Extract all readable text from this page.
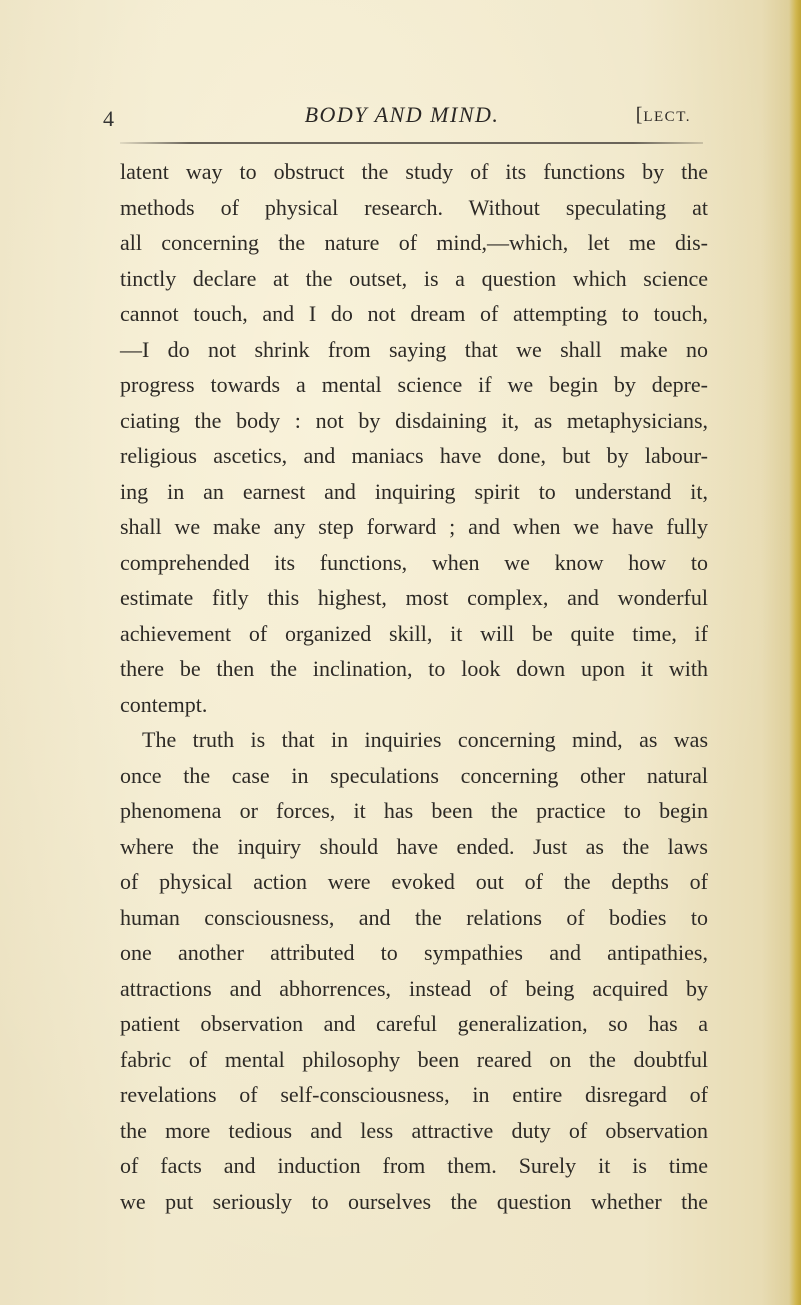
4	BODY AND MIND.	[LECT.
latent way to obstruct the study of its functions by the
methods of physical research. Without speculating at
all concerning the nature of mind,—which, let me dis-
tinctly declare at the outset, is a question which science
cannot touch, and I do not dream of attempting to touch,
—I do not shrink from saying that we shall make no
progress towards a mental science if we begin by depre-
ciating the body : not by disdaining it, as metaphysicians,
religious ascetics, and maniacs have done, but by labour-
ing in an earnest and inquiring spirit to understand it,
shall we make any step forward ; and when we have fully
comprehended its functions, when we know how to
estimate fitly this highest, most complex, and wonderful
achievement of organized skill, it will be quite time, if
there be then the inclination, to look down upon it with
contempt.
The truth is that in inquiries concerning mind, as was
once the case in speculations concerning other natural
phenomena or forces, it has been the practice to begin
where the inquiry should have ended. Just as the laws
of physical action were evoked out of the depths of
human consciousness, and the relations of bodies to
one another attributed to sympathies and antipathies,
attractions and abhorrences, instead of being acquired by
patient observation and careful generalization, so has a
fabric of mental philosophy been reared on the doubtful
revelations of self-consciousness, in entire disregard of
the more tedious and less attractive duty of observation
of facts and induction from them. Surely it is time
we put seriously to ourselves the question whether the
